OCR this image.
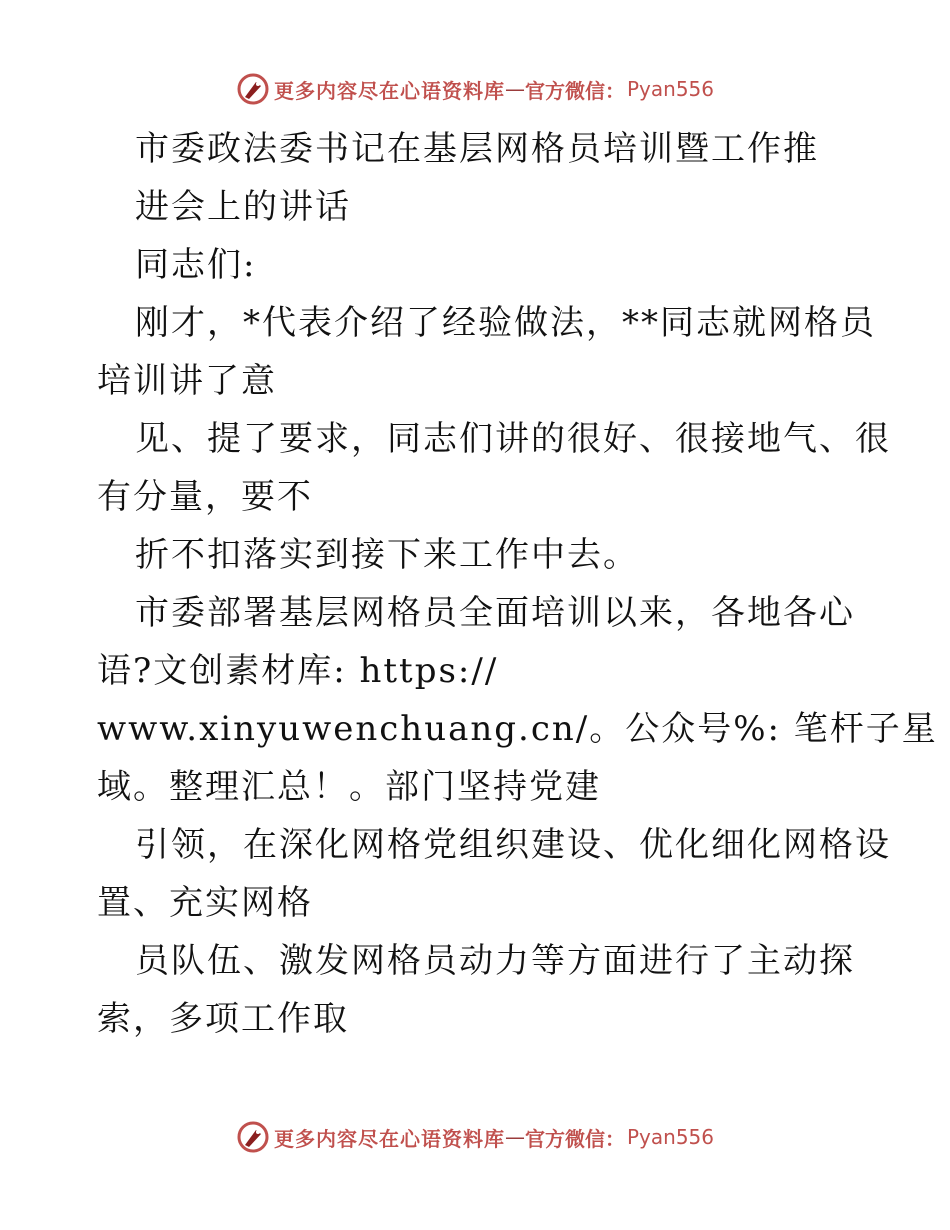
更多内容尽在心语资料库 — 官方微信： Pyan556
市委政法委书记在基层网格员培训暨工作推
进会上的讲话
同志们:
刚才，*代表介绍了经验做法，**同志就网格员
培训讲了意
见、提了要求，同志们讲的很好、很接地气、很
有分量，要不
折不扣落实到接下来工作中去。
市委部署基层网格员全面培训以来，各地各心
语?文创素材库: https://
www.xinyuwenchuang.cn/。公众号%: 笔杆子星
域。整理汇总！。部门坚持党建
引领，在深化网格党组织建设、优化细化网格设
置、充实网格
员队伍、激发网格员动力等方面进行了主动探
索，多项工作取
更多内容尽在心语资料库 — 官方微信： Pyan556
